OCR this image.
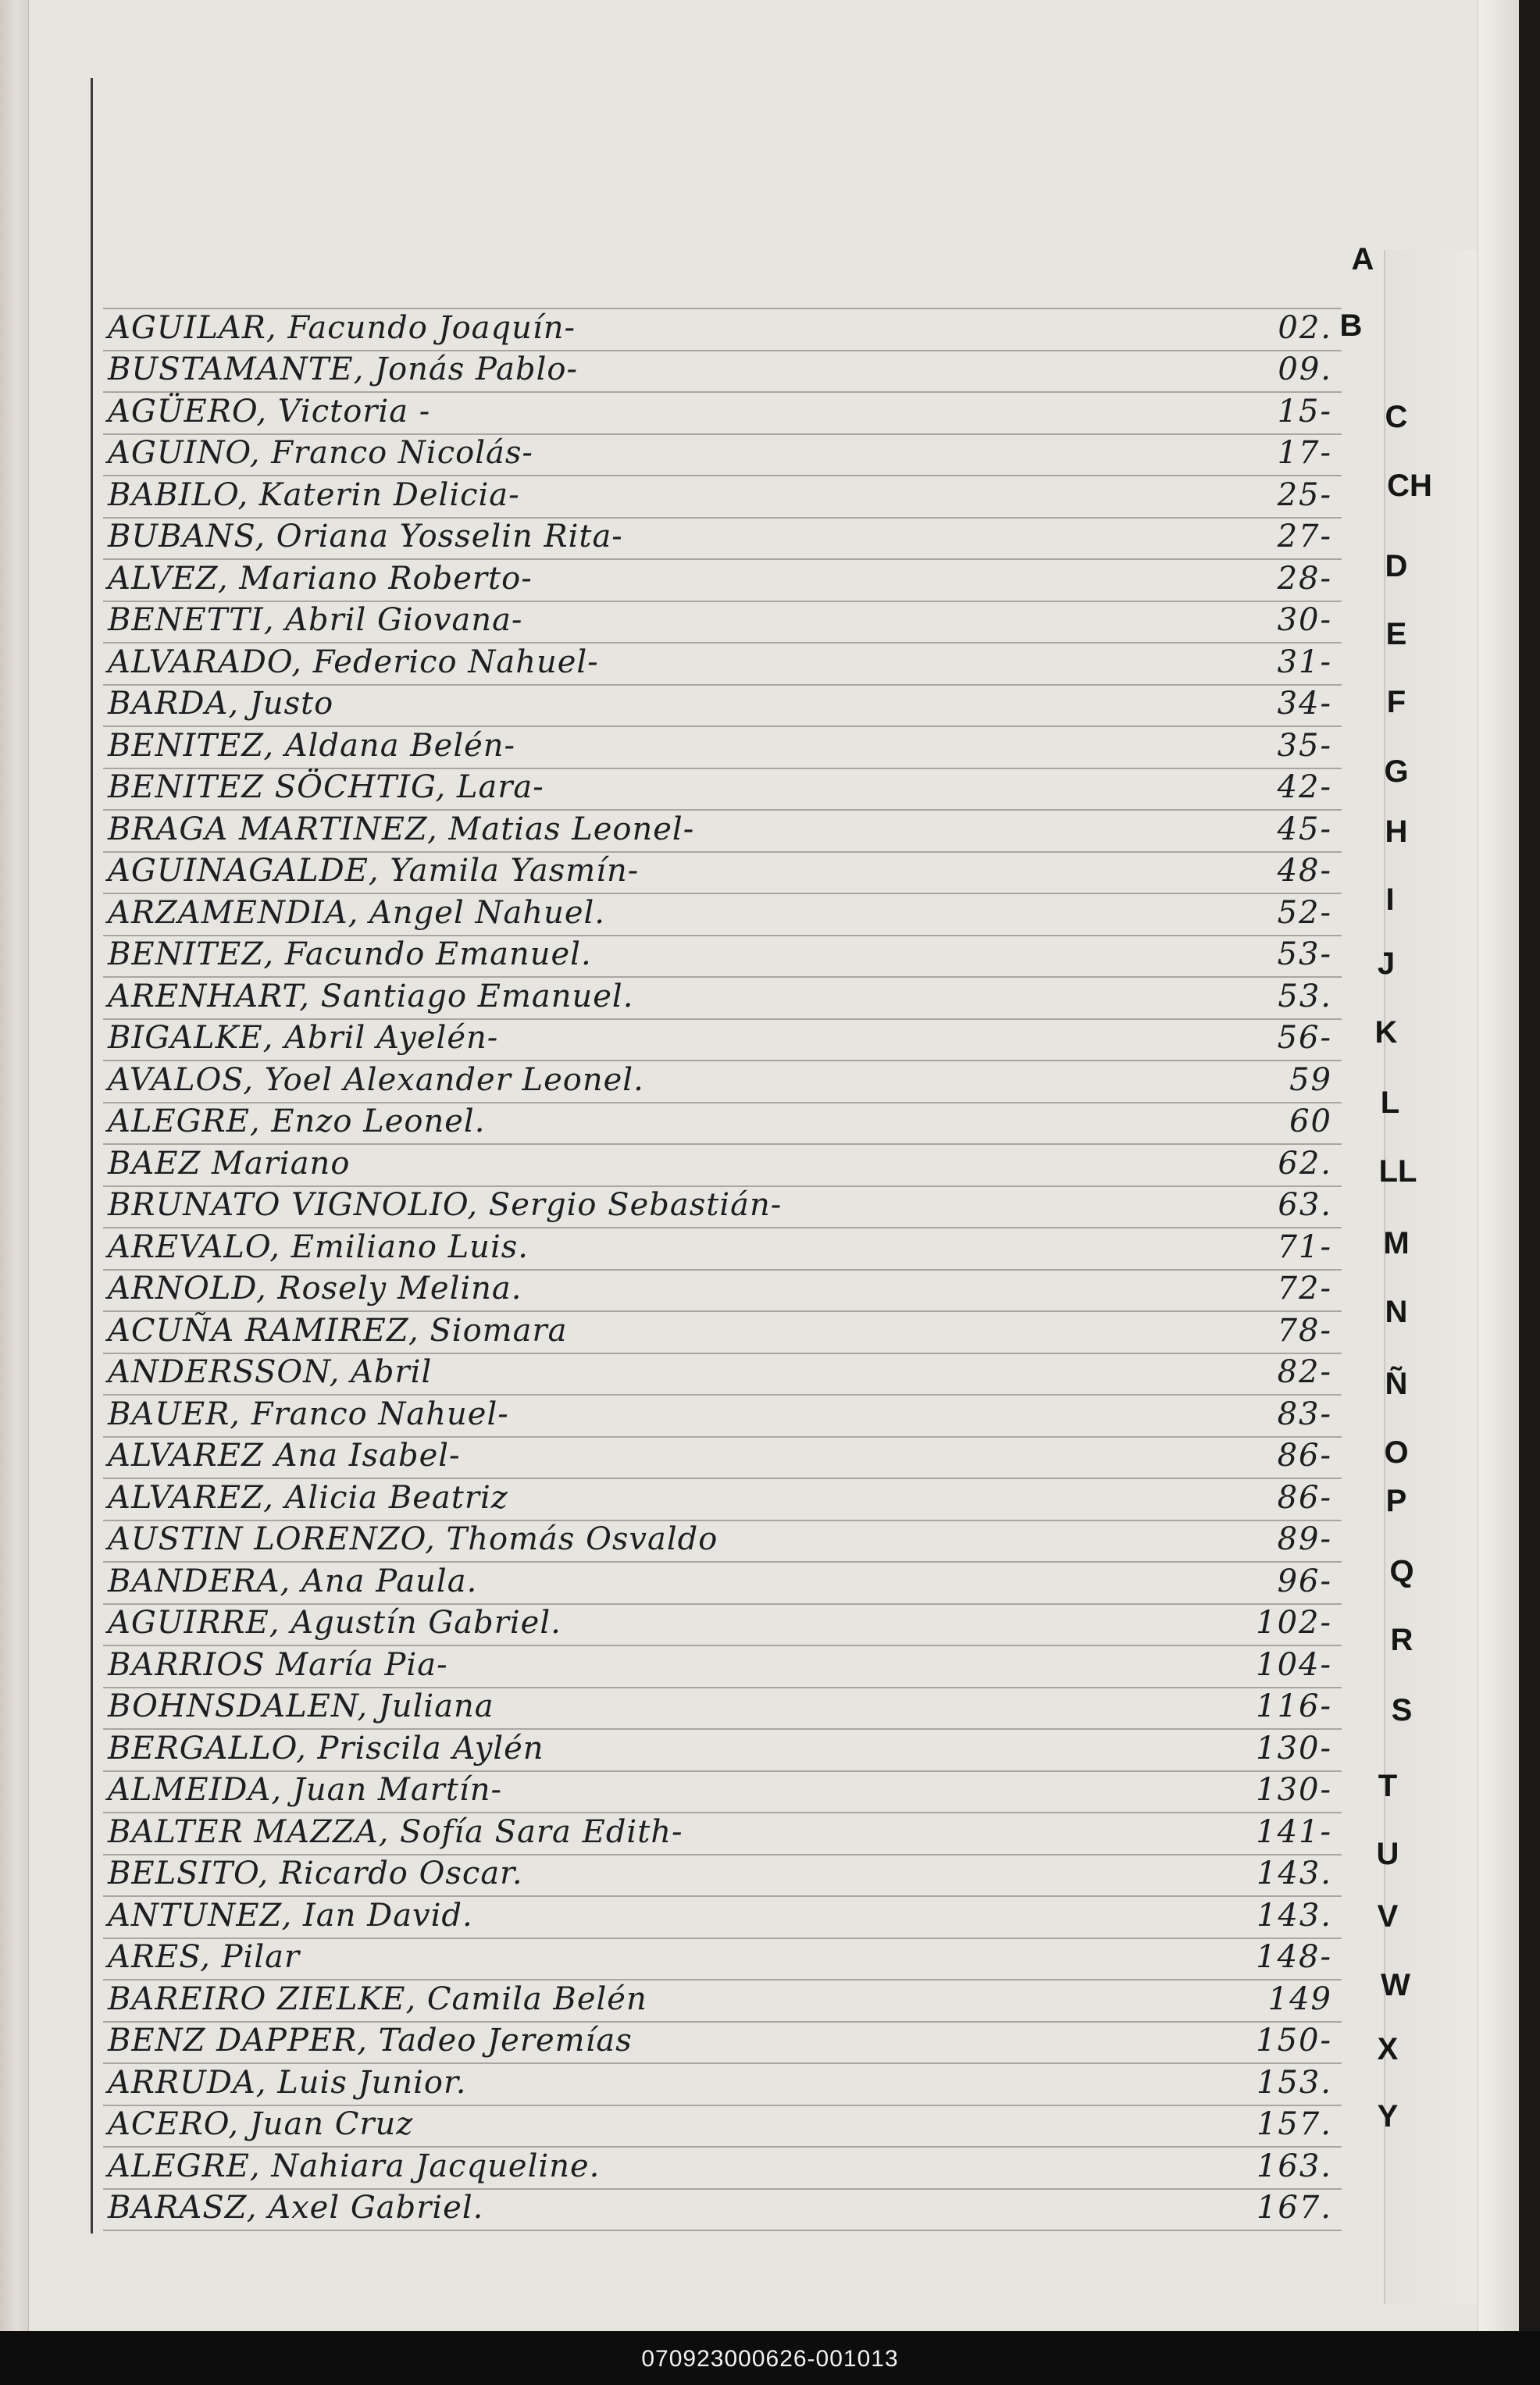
AGUILAR, Facundo Joaquín-	02.
BUSTAMANTE, Jonás Pablo-	09.
AGÜERO, Victoria -	15-
AGUINO, Franco Nicolás-	17-
BABILO, Katerin Delicia-	25-
BUBANS, Oriana Yosselin Rita-	27-
ALVEZ, Mariano Roberto-	28-
BENETTI, Abril Giovana-	30-
ALVARADO, Federico Nahuel-	31-
BARDA, Justo	34-
BENITEZ, Aldana Belén-	35-
BENITEZ SÖCHTIG, Lara-	42-
BRAGA MARTINEZ, Matias Leonel-	45-
AGUINAGALDE, Yamila Yasmín-	48-
ARZAMENDIA, Angel Nahuel.	52-
BENITEZ, Facundo Emanuel.	53-
ARENHART, Santiago Emanuel.	53.
BIGALKE, Abril Ayelén-	56-
AVALOS, Yoel Alexander Leonel.	59
ALEGRE, Enzo Leonel.	60
BAEZ Mariano	62.
BRUNATO VIGNOLIO, Sergio Sebastián-	63.
AREVALO, Emiliano Luis.	71-
ARNOLD, Rosely Melina.	72-
ACUÑA RAMIREZ, Siomara	78-
ANDERSSON, Abril	82-
BAUER, Franco Nahuel-	83-
ALVAREZ Ana Isabel-	86-
ALVAREZ, Alicia Beatriz	86-
AUSTIN LORENZO, Thomás Osvaldo	89-
BANDERA, Ana Paula.	96-
AGUIRRE, Agustín Gabriel.	102-
BARRIOS María Pia-	104-
BOHNSDALEN, Juliana	116-
BERGALLO, Priscila Aylén	130-
ALMEIDA, Juan Martín-	130-
BALTER MAZZA, Sofía Sara Edith-	141-
BELSITO, Ricardo Oscar.	143.
ANTUNEZ, Ian David.	143.
ARES, Pilar	148-
BAREIRO ZIELKE, Camila Belén	149
BENZ DAPPER, Tadeo Jeremías	150-
ARRUDA, Luis Junior.	153.
ACERO, Juan Cruz	157.
ALEGRE, Nahiara Jacqueline.	163.
BARASZ, Axel Gabriel.	167.
A
B
C
CH
D
E
F
G
H
I
J
K
L
LL
M
N
Ñ
O
P
Q
R
S
T
U
V
W
X
Y
070923000626-001013
